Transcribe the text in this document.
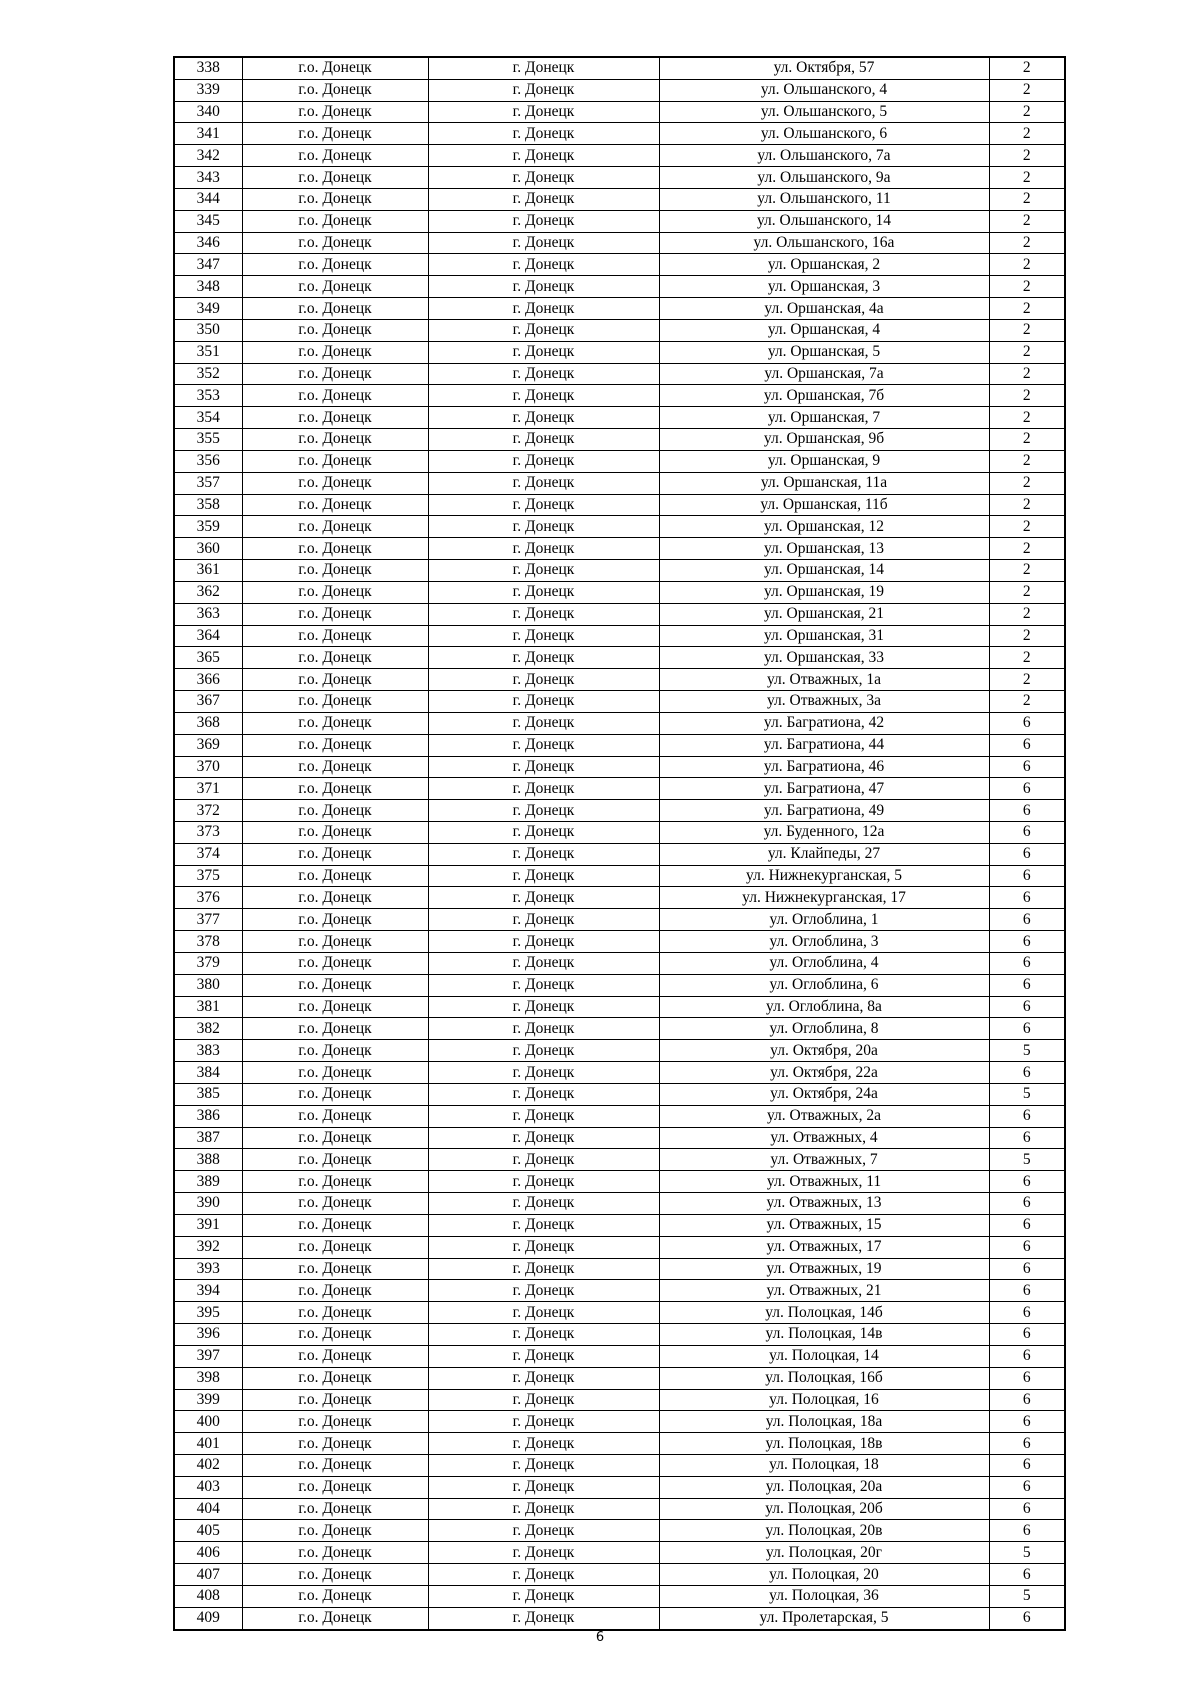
338	г.о. Донецк	г. Донецк	ул. Октября, 57	2
339	г.о. Донецк	г. Донецк	ул. Ольшанского, 4	2
340	г.о. Донецк	г. Донецк	ул. Ольшанского, 5	2
341	г.о. Донецк	г. Донецк	ул. Ольшанского, 6	2
342	г.о. Донецк	г. Донецк	ул. Ольшанского, 7а	2
343	г.о. Донецк	г. Донецк	ул. Ольшанского, 9а	2
344	г.о. Донецк	г. Донецк	ул. Ольшанского, 11	2
345	г.о. Донецк	г. Донецк	ул. Ольшанского, 14	2
346	г.о. Донецк	г. Донецк	ул. Ольшанского, 16а	2
347	г.о. Донецк	г. Донецк	ул. Оршанская, 2	2
348	г.о. Донецк	г. Донецк	ул. Оршанская, 3	2
349	г.о. Донецк	г. Донецк	ул. Оршанская, 4а	2
350	г.о. Донецк	г. Донецк	ул. Оршанская, 4	2
351	г.о. Донецк	г. Донецк	ул. Оршанская, 5	2
352	г.о. Донецк	г. Донецк	ул. Оршанская, 7а	2
353	г.о. Донецк	г. Донецк	ул. Оршанская, 7б	2
354	г.о. Донецк	г. Донецк	ул. Оршанская, 7	2
355	г.о. Донецк	г. Донецк	ул. Оршанская, 9б	2
356	г.о. Донецк	г. Донецк	ул. Оршанская, 9	2
357	г.о. Донецк	г. Донецк	ул. Оршанская, 11а	2
358	г.о. Донецк	г. Донецк	ул. Оршанская, 11б	2
359	г.о. Донецк	г. Донецк	ул. Оршанская, 12	2
360	г.о. Донецк	г. Донецк	ул. Оршанская, 13	2
361	г.о. Донецк	г. Донецк	ул. Оршанская, 14	2
362	г.о. Донецк	г. Донецк	ул. Оршанская, 19	2
363	г.о. Донецк	г. Донецк	ул. Оршанская, 21	2
364	г.о. Донецк	г. Донецк	ул. Оршанская, 31	2
365	г.о. Донецк	г. Донецк	ул. Оршанская, 33	2
366	г.о. Донецк	г. Донецк	ул. Отважных, 1а	2
367	г.о. Донецк	г. Донецк	ул. Отважных, 3а	2
368	г.о. Донецк	г. Донецк	ул. Багратиона, 42	6
369	г.о. Донецк	г. Донецк	ул. Багратиона, 44	6
370	г.о. Донецк	г. Донецк	ул. Багратиона, 46	6
371	г.о. Донецк	г. Донецк	ул. Багратиона, 47	6
372	г.о. Донецк	г. Донецк	ул. Багратиона, 49	6
373	г.о. Донецк	г. Донецк	ул. Буденного, 12а	6
374	г.о. Донецк	г. Донецк	ул. Клайпеды, 27	6
375	г.о. Донецк	г. Донецк	ул. Нижнекурганская, 5	6
376	г.о. Донецк	г. Донецк	ул. Нижнекурганская, 17	6
377	г.о. Донецк	г. Донецк	ул. Оглоблина, 1	6
378	г.о. Донецк	г. Донецк	ул. Оглоблина, 3	6
379	г.о. Донецк	г. Донецк	ул. Оглоблина, 4	6
380	г.о. Донецк	г. Донецк	ул. Оглоблина, 6	6
381	г.о. Донецк	г. Донецк	ул. Оглоблина, 8а	6
382	г.о. Донецк	г. Донецк	ул. Оглоблина, 8	6
383	г.о. Донецк	г. Донецк	ул. Октября, 20а	5
384	г.о. Донецк	г. Донецк	ул. Октября, 22а	6
385	г.о. Донецк	г. Донецк	ул. Октября, 24а	5
386	г.о. Донецк	г. Донецк	ул. Отважных, 2а	6
387	г.о. Донецк	г. Донецк	ул. Отважных, 4	6
388	г.о. Донецк	г. Донецк	ул. Отважных, 7	5
389	г.о. Донецк	г. Донецк	ул. Отважных, 11	6
390	г.о. Донецк	г. Донецк	ул. Отважных, 13	6
391	г.о. Донецк	г. Донецк	ул. Отважных, 15	6
392	г.о. Донецк	г. Донецк	ул. Отважных, 17	6
393	г.о. Донецк	г. Донецк	ул. Отважных, 19	6
394	г.о. Донецк	г. Донецк	ул. Отважных, 21	6
395	г.о. Донецк	г. Донецк	ул. Полоцкая, 14б	6
396	г.о. Донецк	г. Донецк	ул. Полоцкая, 14в	6
397	г.о. Донецк	г. Донецк	ул. Полоцкая, 14	6
398	г.о. Донецк	г. Донецк	ул. Полоцкая, 16б	6
399	г.о. Донецк	г. Донецк	ул. Полоцкая, 16	6
400	г.о. Донецк	г. Донецк	ул. Полоцкая, 18а	6
401	г.о. Донецк	г. Донецк	ул. Полоцкая, 18в	6
402	г.о. Донецк	г. Донецк	ул. Полоцкая, 18	6
403	г.о. Донецк	г. Донецк	ул. Полоцкая, 20а	6
404	г.о. Донецк	г. Донецк	ул. Полоцкая, 20б	6
405	г.о. Донецк	г. Донецк	ул. Полоцкая, 20в	6
406	г.о. Донецк	г. Донецк	ул. Полоцкая, 20г	5
407	г.о. Донецк	г. Донецк	ул. Полоцкая, 20	6
408	г.о. Донецк	г. Донецк	ул. Полоцкая, 36	5
409	г.о. Донецк	г. Донецк	ул. Пролетарская, 5	6
6
